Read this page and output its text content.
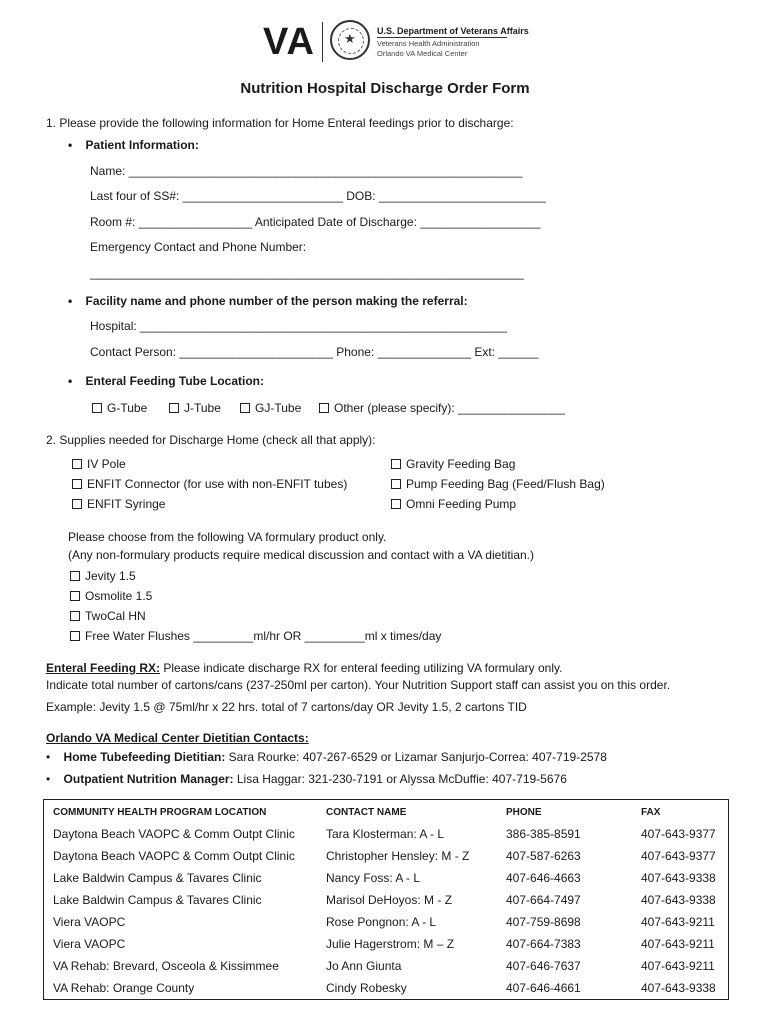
VA ★	U.S. Department of Veterans Affairs
Veterans Health Administration
Orlando VA Medical Center
Nutrition Hospital Discharge Order Form
1. Please provide the following information for Home Enteral feedings prior to discharge:
•    Patient Information:
Name: ___________________________________________________________
Last four of SS#: ________________________ DOB: _________________________
Room #: _________________ Anticipated Date of Discharge: __________________
Emergency Contact and Phone Number:
_________________________________________________________________
•    Facility name and phone number of the person making the referral:
Hospital: _______________________________________________________
Contact Person: _______________________ Phone: ______________ Ext: ______
•    Enteral Feeding Tube Location:
G-Tube	J-Tube	GJ-Tube	Other (please specify): ________________
2. Supplies needed for Discharge Home (check all that apply):
IV Pole
ENFIT Connector (for use with non-ENFIT tubes)
ENFIT Syringe
Gravity Feeding Bag
Pump Feeding Bag (Feed/Flush Bag)
Omni Feeding Pump
Please choose from the following VA formulary product only.
(Any non-formulary products require medical discussion and contact with a VA dietitian.)
Jevity 1.5
Osmolite 1.5
TwoCal HN
Free Water Flushes _________ml/hr OR _________ml x times/day
Enteral Feeding RX: Please indicate discharge RX for enteral feeding utilizing VA formulary only.
Indicate total number of cartons/cans (237-250ml per carton). Your Nutrition Support staff can assist you on this order.
Example: Jevity 1.5 @ 75ml/hr x 22 hrs. total of 7 cartons/day OR Jevity 1.5, 2 cartons TID
Orlando VA Medical Center Dietitian Contacts:
•    Home Tubefeeding Dietitian: Sara Rourke: 407-267-6529 or Lizamar Sanjurjo-Correa: 407-719-2578
•    Outpatient Nutrition Manager: Lisa Haggar: 321-230-7191 or Alyssa McDuffie: 407-719-5676
COMMUNITY HEALTH PROGRAM LOCATION	CONTACT NAME	PHONE	FAX
Daytona Beach VAOPC & Comm Outpt Clinic	Tara Klosterman: A - L	386-385-8591	407-643-9377
Daytona Beach VAOPC & Comm Outpt Clinic	Christopher Hensley: M - Z	407-587-6263	407-643-9377
Lake Baldwin Campus & Tavares Clinic	Nancy Foss: A - L	407-646-4663	407-643-9338
Lake Baldwin Campus & Tavares Clinic	Marisol DeHoyos: M - Z	407-664-7497	407-643-9338
Viera VAOPC	Rose Pongnon: A - L	407-759-8698	407-643-9211
Viera VAOPC	Julie Hagerstrom: M – Z	407-664-7383	407-643-9211
VA Rehab: Brevard, Osceola & Kissimmee	Jo Ann Giunta	407-646-7637	407-643-9211
VA Rehab: Orange County	Cindy Robesky	407-646-4661	407-643-9338
